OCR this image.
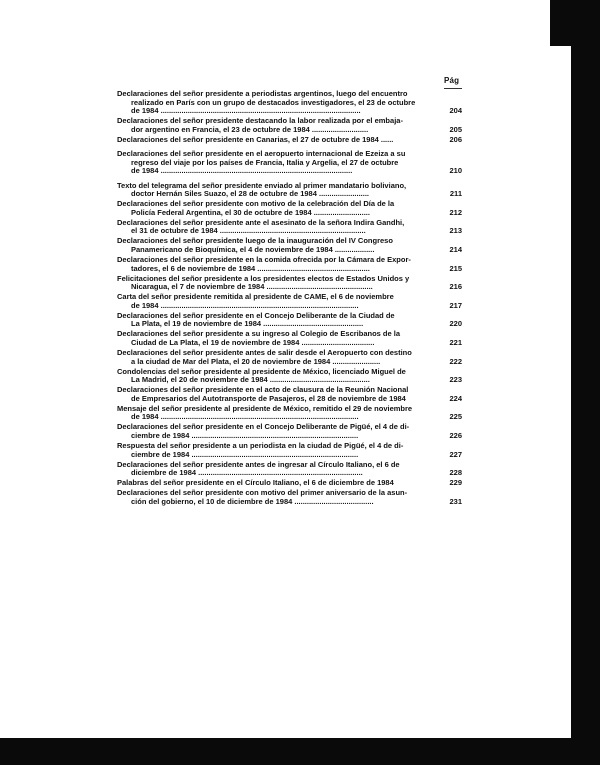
Pág
Declaraciones del señor presidente a periodistas argentinos, luego del encuentro
realizado en París con un grupo de destacados investigadores, el 23 de octubre
de 1984 ................................................................................................	204
Declaraciones del señor presidente destacando la labor realizada por el embaja-
dor argentino en Francia, el 23 de octubre de 1984 ...........................	205
Declaraciones del señor presidente en Canarias, el 27 de octubre de 1984 ......	206
Declaraciones del señor presidente en el aeropuerto internacional de Ezeiza a su
regreso del viaje por los países de Francia, Italia y Argelia, el 27 de octubre
de 1984 ............................................................................................	210
Texto del telegrama del señor presidente enviado al primer mandatario boliviano,
doctor Hernán Siles Suazo, el 28 de octubre de 1984 ........................	211
Declaraciones del señor presidente con motivo de la celebración del Día de la
Policía Federal Argentina, el 30 de octubre de 1984 ...........................	212
Declaraciones del señor presidente ante el asesinato de la señora Indira Gandhi,
el 31 de octubre de 1984 ......................................................................	213
Declaraciones del señor presidente luego de la inauguración del IV Congreso
Panamericano de Bioquímica, el 4 de noviembre de 1984 ...................	214
Declaraciones del señor presidente en la comida ofrecida por la Cámara de Expor-
tadores, el 6 de noviembre de 1984 ......................................................	215
Felicitaciones del señor presidente a los presidentes electos de Estados Unidos y
Nicaragua, el 7 de noviembre de 1984 ...................................................	216
Carta del señor presidente remitida al presidente de CAME, el 6 de noviembre
de 1984 ...............................................................................................	217
Declaraciones del señor presidente en el Concejo Deliberante de la Ciudad de
La Plata, el 19 de noviembre de 1984 ................................................	220
Declaraciones del señor presidente a su ingreso al Colegio de Escribanos de la
Ciudad de La Plata, el 19 de noviembre de 1984 ...................................	221
Declaraciones del señor presidente antes de salir desde el Aeropuerto con destino
a la ciudad de Mar del Plata, el 20 de noviembre de 1984 .......................	222
Condolencias del señor presidente al presidente de México, licenciado Miguel de
La Madrid, el 20 de noviembre de 1984 ................................................	223
Declaraciones del señor presidente en el acto de clausura de la Reunión Nacional
de Empresarios del Autotransporte de Pasajeros, el 28 de noviembre de 1984	224
Mensaje del señor presidente al presidente de México, remitido el 29 de noviembre
de 1984 ...............................................................................................	225
Declaraciones del señor presidente en el Concejo Deliberante de Pigüé, el 4 de di-
ciembre de 1984 ................................................................................	226
Respuesta del señor presidente a un periodista en la ciudad de Pigüé, el 4 de di-
ciembre de 1984 ................................................................................	227
Declaraciones del señor presidente antes de ingresar al Círculo Italiano, el 6 de
diciembre de 1984 ...............................................................................	228
Palabras del señor presidente en el Círculo Italiano, el 6 de diciembre de 1984	229
Declaraciones del señor presidente con motivo del primer aniversario de la asun-
ción del gobierno, el 10 de diciembre de 1984 ......................................	231
